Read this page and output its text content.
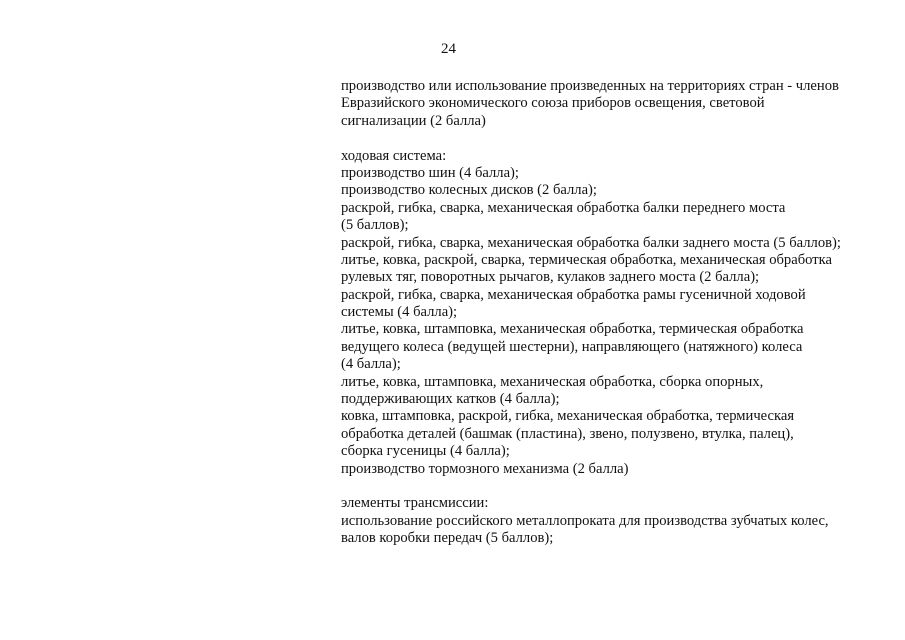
24
производство или использование произведенных на территориях стран - членов
Евразийского экономического союза приборов освещения, световой
сигнализации (2 балла)
ходовая система:
производство шин (4 балла);
производство колесных дисков (2 балла);
раскрой, гибка, сварка, механическая обработка балки переднего моста
(5 баллов);
раскрой, гибка, сварка, механическая обработка балки заднего моста (5 баллов);
литье, ковка, раскрой, сварка, термическая обработка, механическая обработка
рулевых тяг, поворотных рычагов, кулаков заднего моста (2 балла);
раскрой, гибка, сварка, механическая обработка рамы гусеничной ходовой
системы (4 балла);
литье, ковка, штамповка, механическая обработка, термическая обработка
ведущего колеса (ведущей шестерни), направляющего (натяжного) колеса
(4 балла);
литье, ковка, штамповка, механическая обработка, сборка опорных,
поддерживающих катков (4 балла);
ковка, штамповка, раскрой, гибка, механическая обработка, термическая
обработка деталей (башмак (пластина), звено, полузвено, втулка, палец),
сборка гусеницы (4 балла);
производство тормозного механизма (2 балла)
элементы трансмиссии:
использование российского металлопроката для производства зубчатых колес,
валов коробки передач (5 баллов);
